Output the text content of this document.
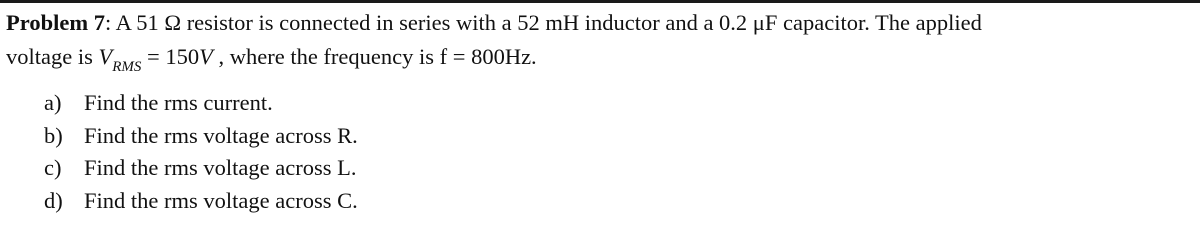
Problem 7: A 51 Ω resistor is connected in series with a 52 mH inductor and a 0.2 μF capacitor. The applied
voltage is $V_{RMS} = 150V$ , where the frequency is f = 800Hz.
a) Find the rms current.
b) Find the rms voltage across R.
c) Find the rms voltage across L.
d) Find the rms voltage across C.
